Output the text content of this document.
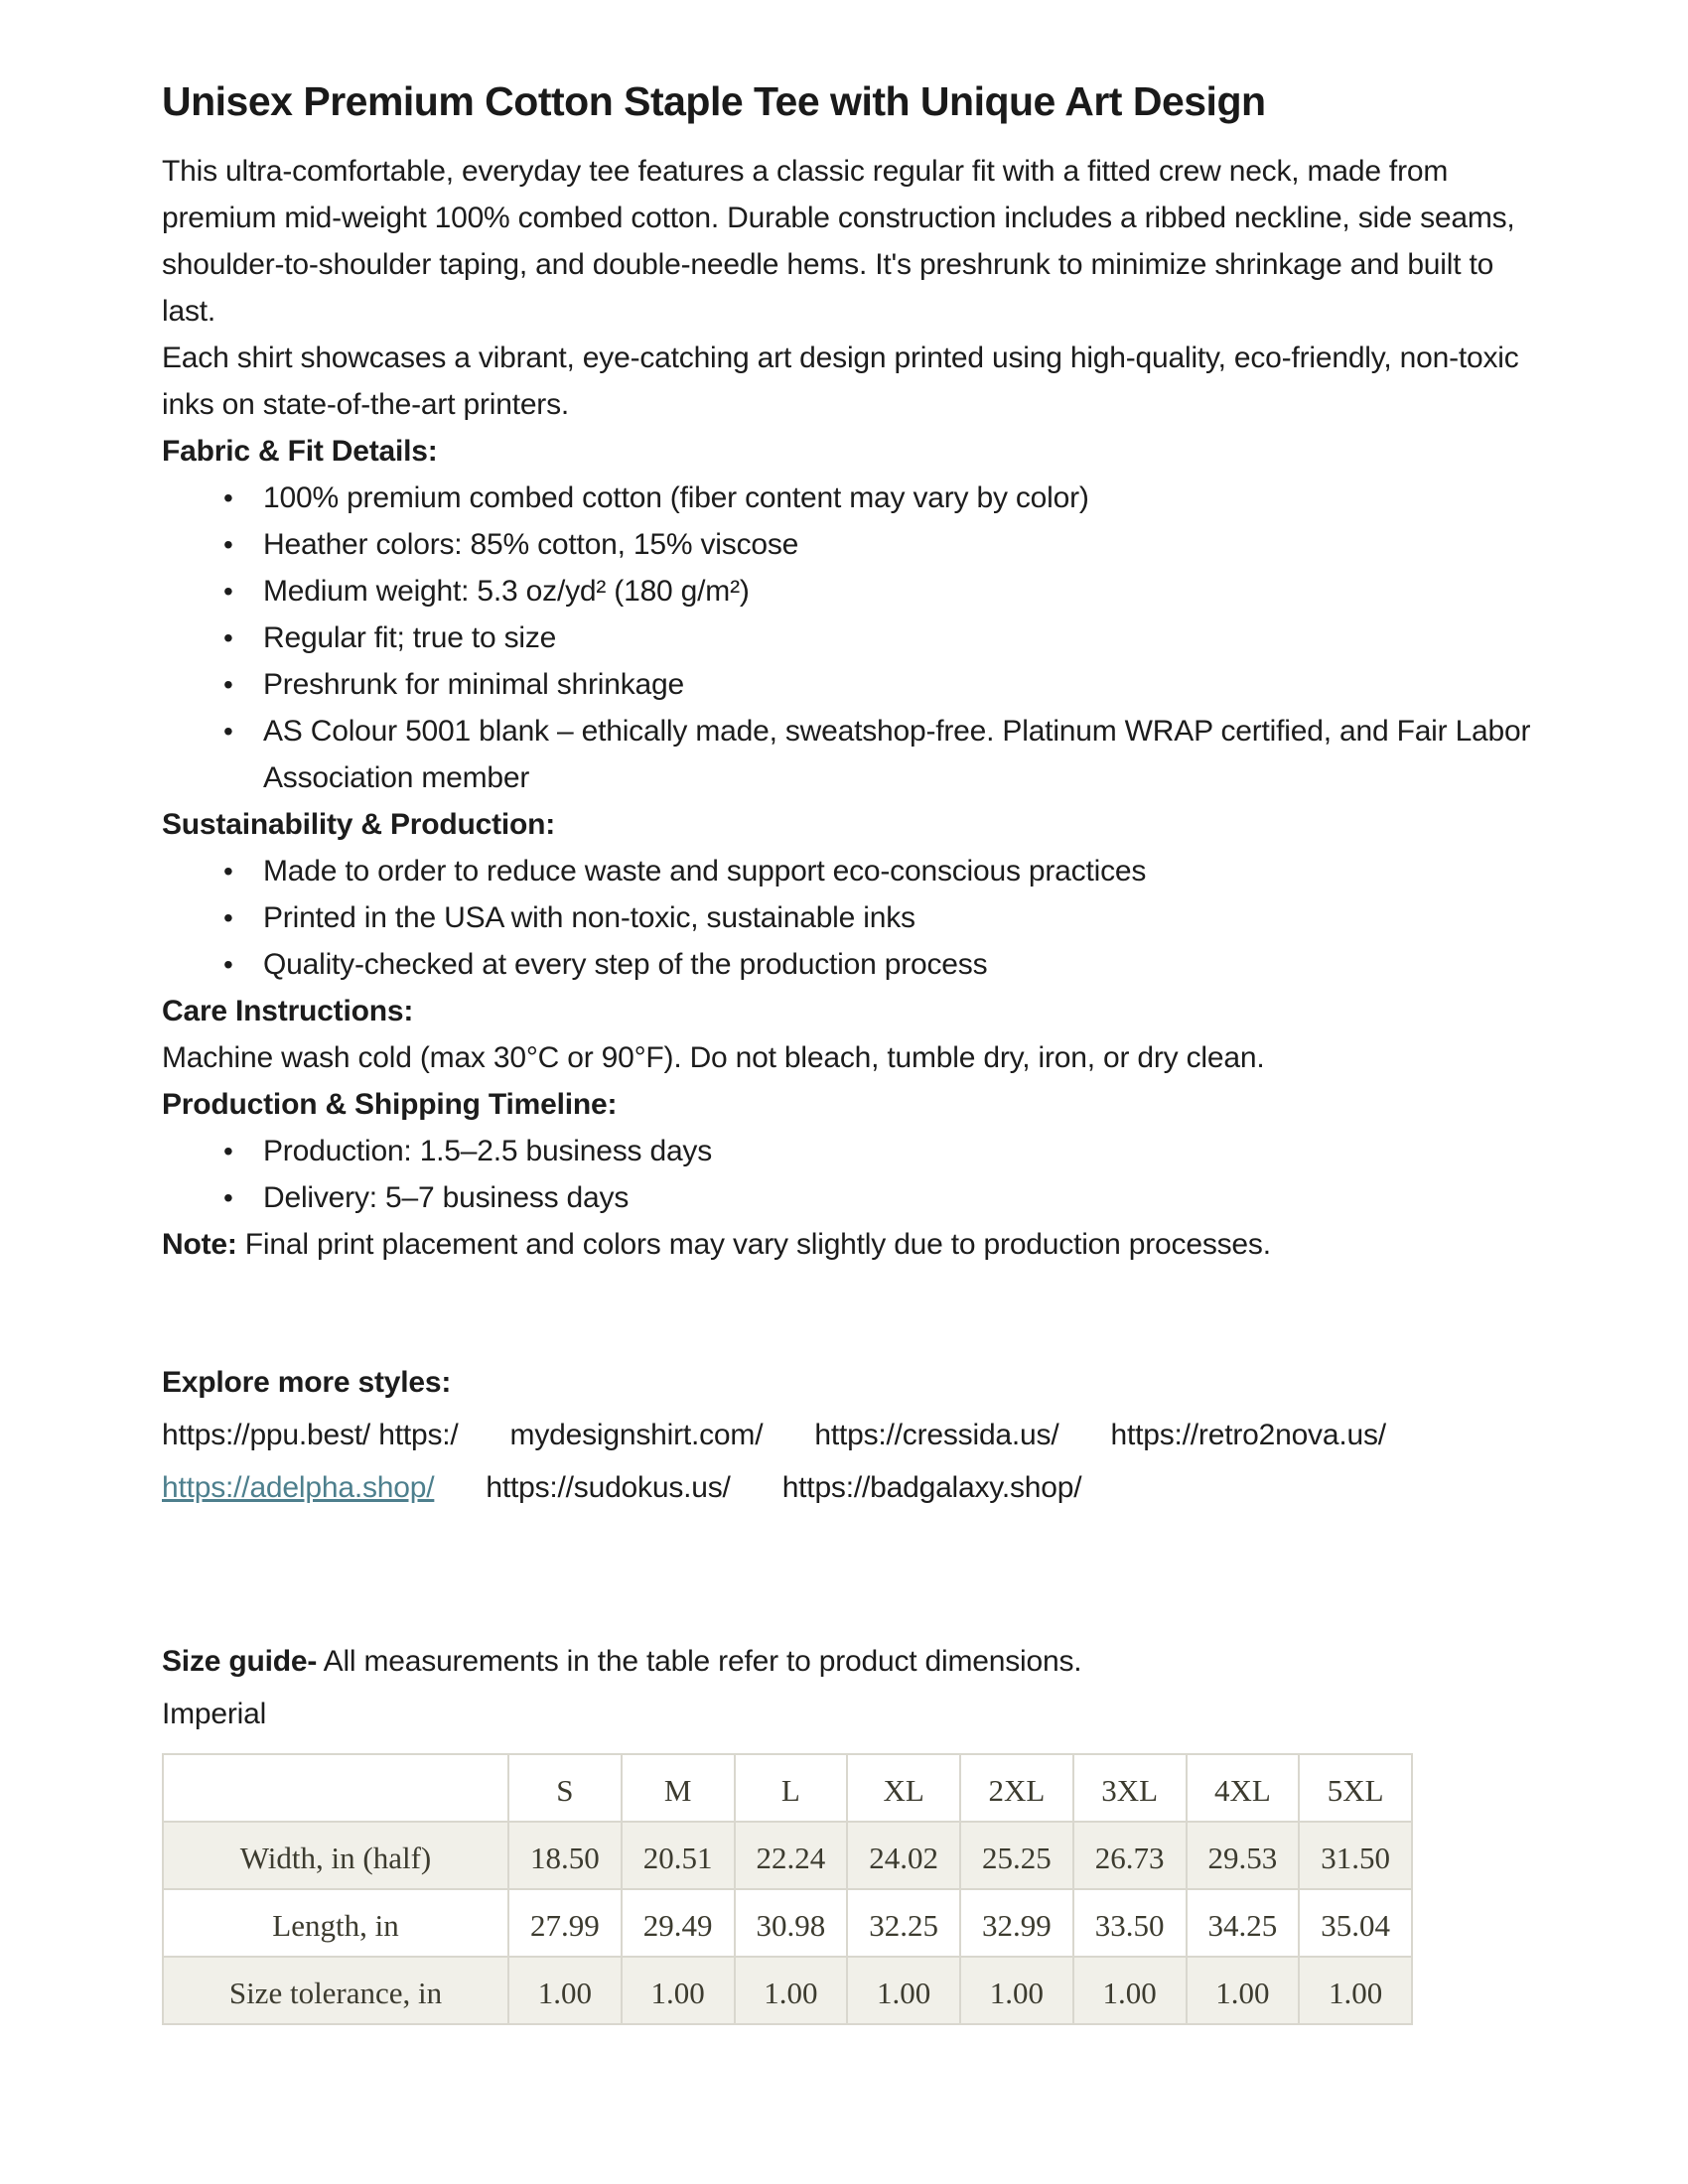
Unisex Premium Cotton Staple Tee with Unique Art Design

This ultra-comfortable, everyday tee features a classic regular fit with a fitted crew neck, made from premium mid-weight 100% combed cotton. Durable construction includes a ribbed neckline, side seams, shoulder-to-shoulder taping, and double-needle hems. It's preshrunk to minimize shrinkage and built to last.

Each shirt showcases a vibrant, eye-catching art design printed using high-quality, eco-friendly, non-toxic inks on state-of-the-art printers.

Fabric & Fit Details:
• 100% premium combed cotton (fiber content may vary by color)
• Heather colors: 85% cotton, 15% viscose
• Medium weight: 5.3 oz/yd² (180 g/m²)
• Regular fit; true to size
• Preshrunk for minimal shrinkage
• AS Colour 5001 blank – ethically made, sweatshop-free. Platinum WRAP certified, and Fair Labor Association member
Sustainability & Production:
• Made to order to reduce waste and support eco-conscious practices
• Printed in the USA with non-toxic, sustainable inks
• Quality-checked at every step of the production process
Care Instructions:

Machine wash cold (max 30°C or 90°F). Do not bleach, tumble dry, iron, or dry clean.

Production & Shipping Timeline:
• Production: 1.5–2.5 business days
• Delivery: 5–7 business days

Note: Final print placement and colors may vary slightly due to production processes.

Explore more styles:
https://ppu.best/ https:/ mydesignshirt.com/ https://cressida.us/ https://retro2nova.us/
https://adelpha.shop/ https://sudokus.us/ https://badgalaxy.shop/

Size guide- All measurements in the table refer to product dimensions.

Imperial

	S	M	L	XL	2XL	3XL	4XL	5XL
Width, in (half)	18.50	20.51	22.24	24.02	25.25	26.73	29.53	31.50
Length, in	27.99	29.49	30.98	32.25	32.99	33.50	34.25	35.04
Size tolerance, in	1.00	1.00	1.00	1.00	1.00	1.00	1.00	1.00
